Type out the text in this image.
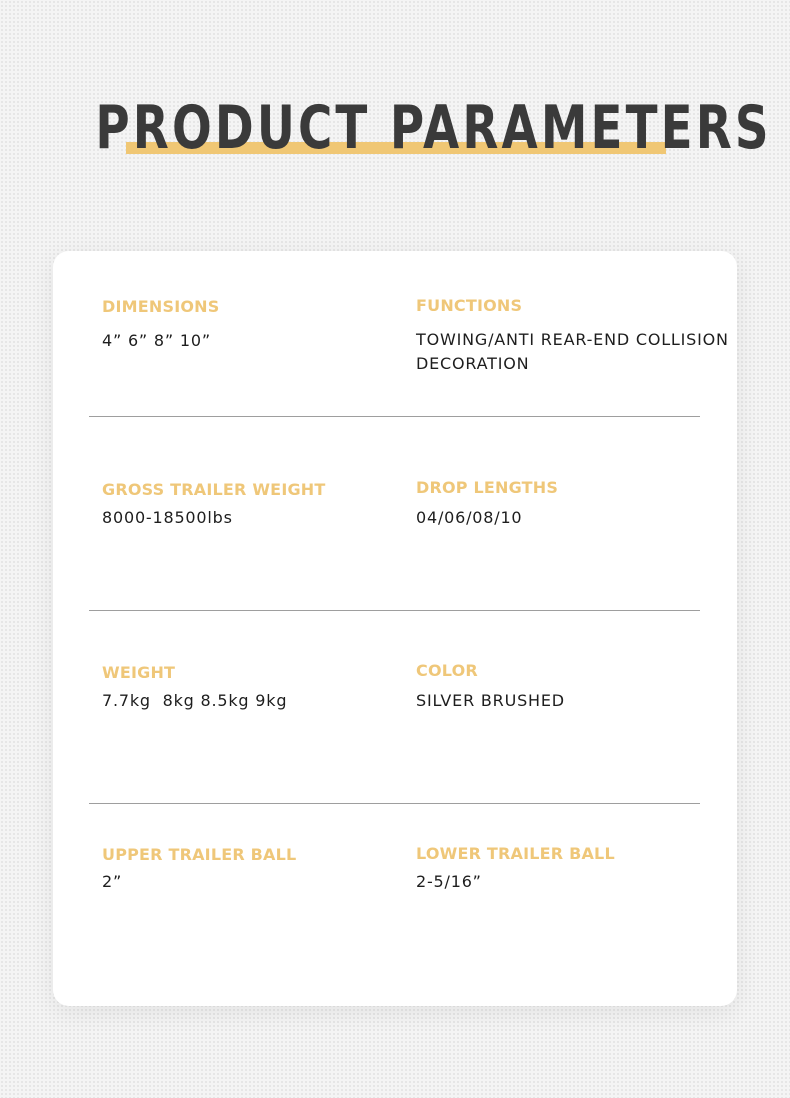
PRODUCT PARAMETERS
DIMENSIONS
4” 6” 8” 10”
FUNCTIONS
TOWING/ANTI REAR-END COLLISION
DECORATION
GROSS TRAILER WEIGHT
8000-18500lbs
DROP LENGTHS
04/06/08/10
WEIGHT
7.7kg  8kg 8.5kg 9kg
COLOR
SILVER BRUSHED
UPPER TRAILER BALL
2”
LOWER TRAILER BALL
2-5/16”
